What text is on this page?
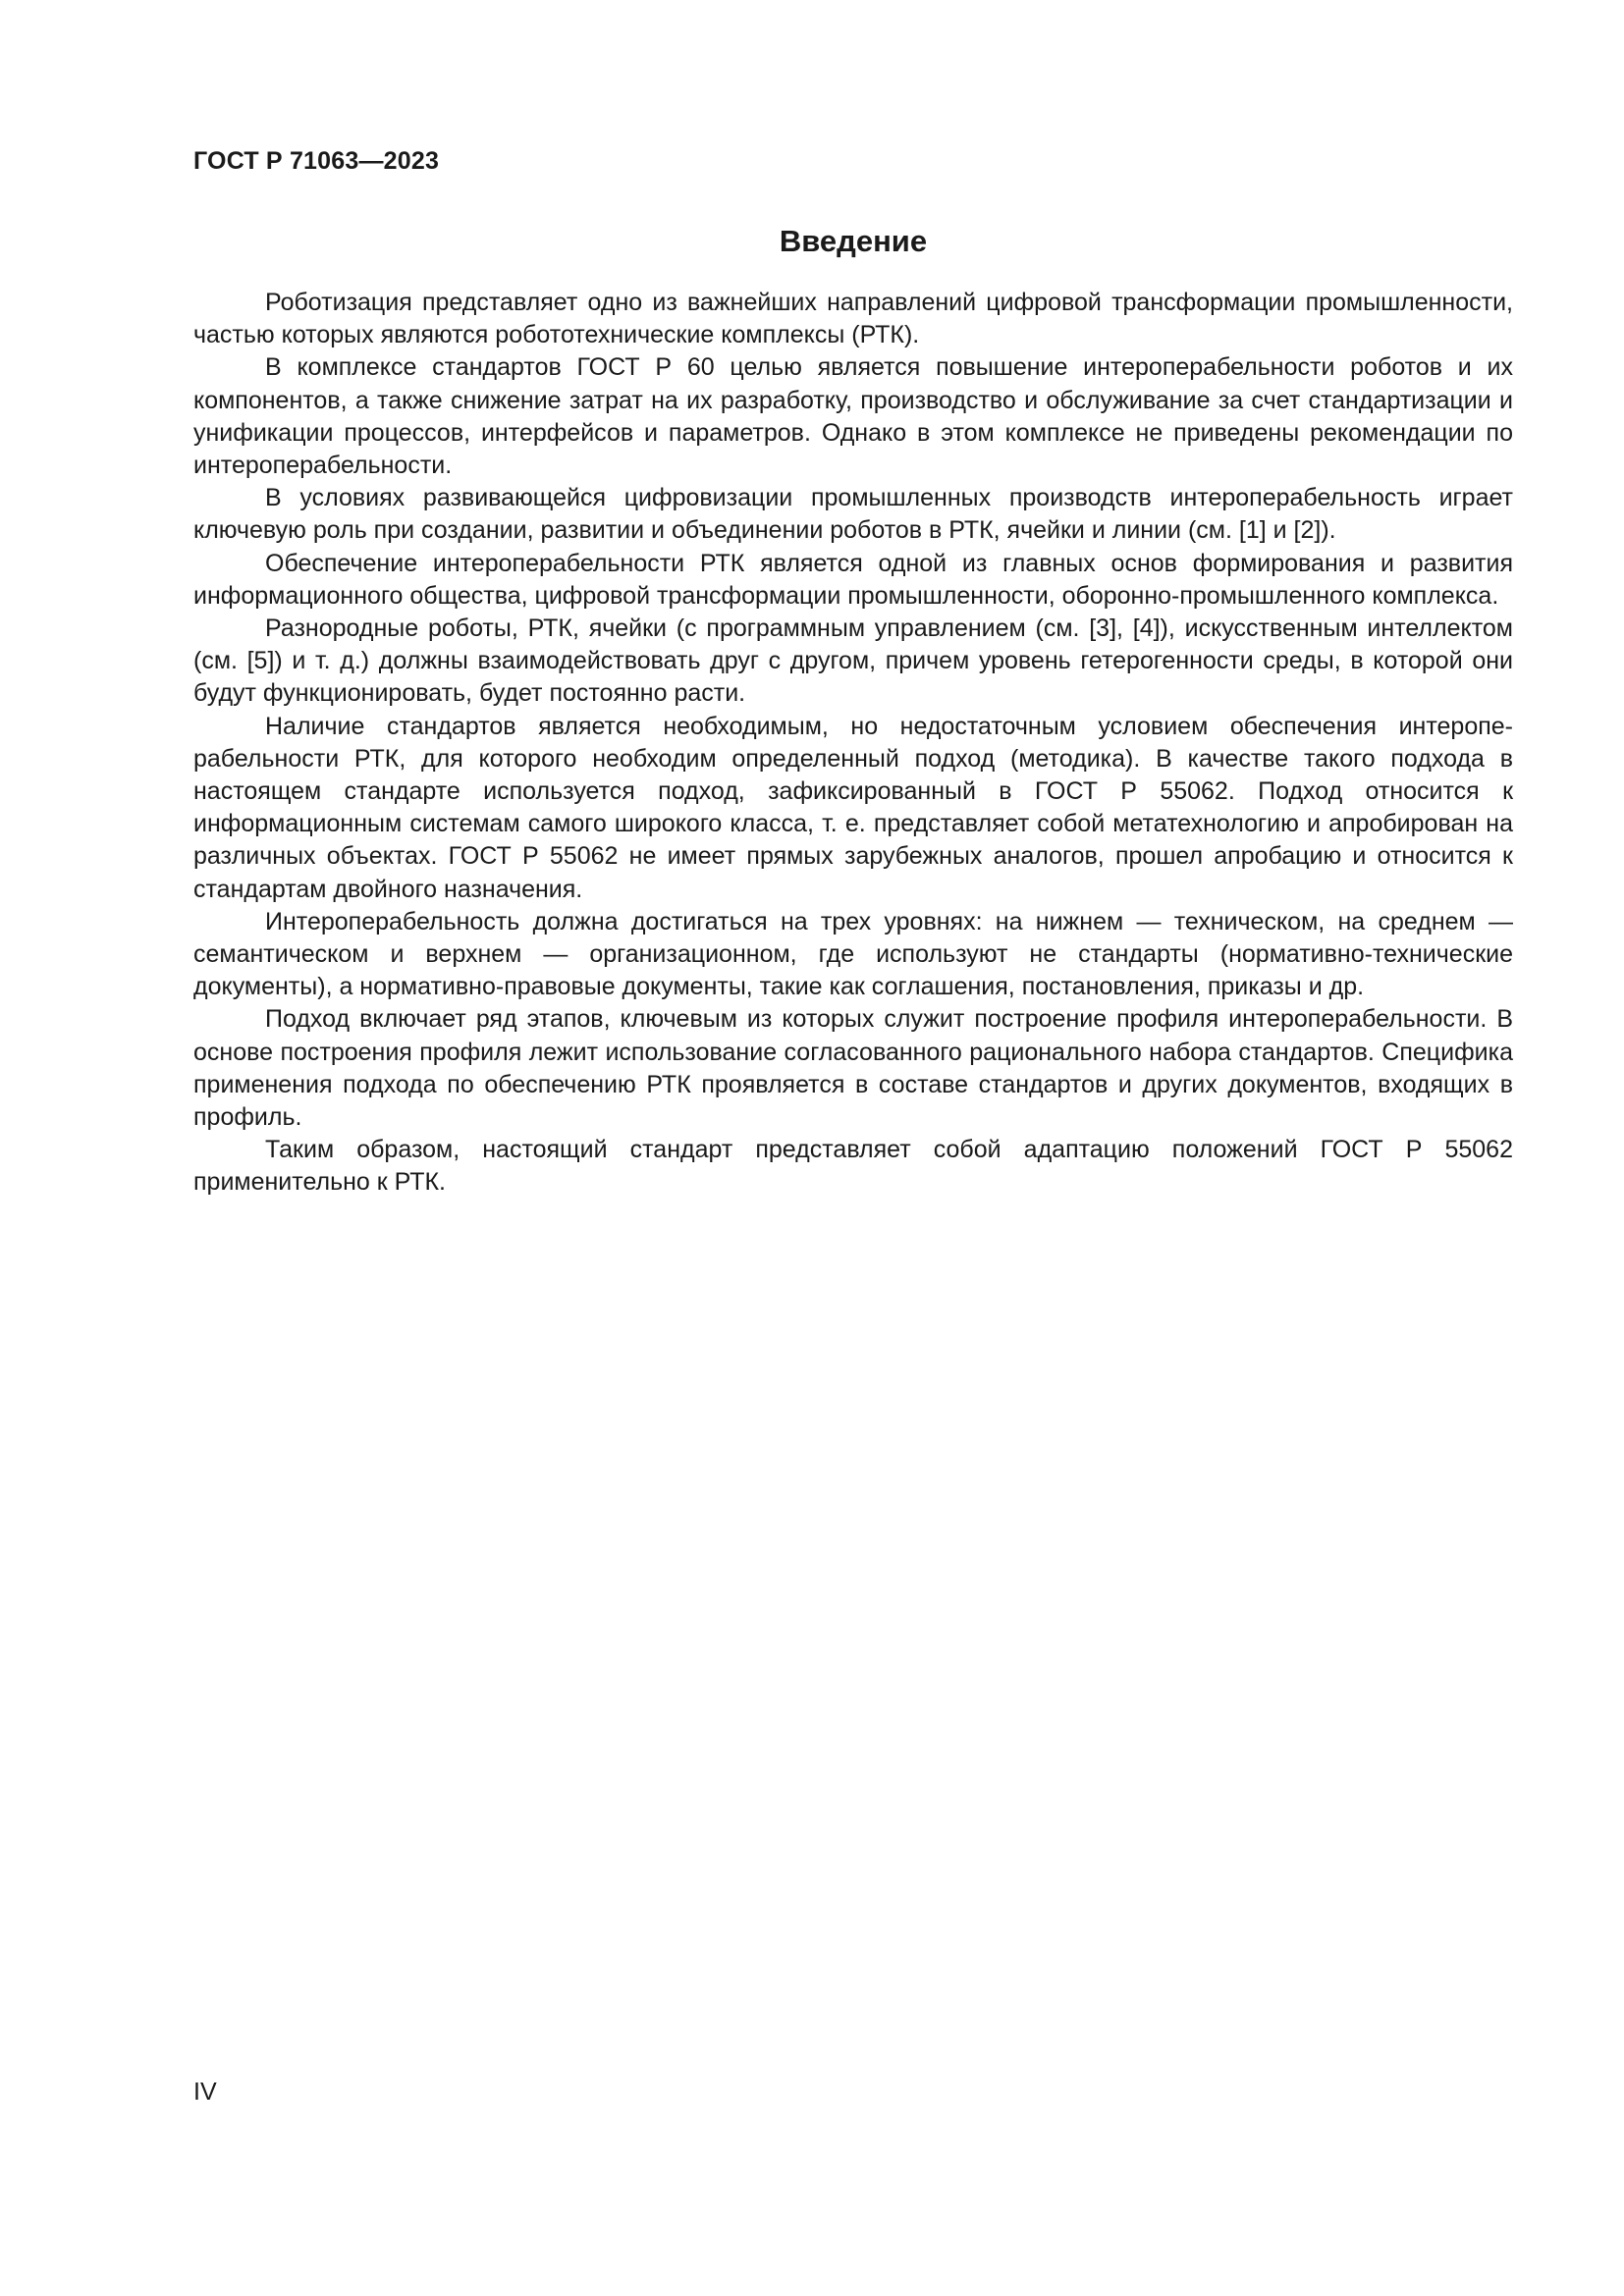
ГОСТ Р 71063—2023
Введение

Роботизация представляет одно из важнейших направлений цифровой трансформации промышленности, частью которых являются робототехнические комплексы (РТК).

В комплексе стандартов ГОСТ Р 60 целью является повышение интероперабельности роботов и их компонентов, а также снижение затрат на их разработку, производство и обслуживание за счет стандартизации и унификации процессов, интерфейсов и параметров. Однако в этом комплексе не приведены рекомендации по интероперабельности.

В условиях развивающейся цифровизации промышленных производств интероперабельность играет ключевую роль при создании, развитии и объединении роботов в РТК, ячейки и линии (см. [1] и [2]).

Обеспечение интероперабельности РТК является одной из главных основ формирования и развития информационного общества, цифровой трансформации промышленности, оборонно-промышленного комплекса.

Разнородные роботы, РТК, ячейки (с программным управлением (см. [3], [4]), искусственным интеллектом (см. [5]) и т. д.) должны взаимодействовать друг с другом, причем уровень гетерогенности среды, в которой они будут функционировать, будет постоянно расти.

Наличие стандартов является необходимым, но недостаточным условием обеспечения интероперабельности РТК, для которого необходим определенный подход (методика). В качестве такого подхода в настоящем стандарте используется подход, зафиксированный в ГОСТ Р 55062. Подход относится к информационным системам самого широкого класса, т. е. представляет собой метатехнологию и апробирован на различных объектах. ГОСТ Р 55062 не имеет прямых зарубежных аналогов, прошел апробацию и относится к стандартам двойного назначения.

Интероперабельность должна достигаться на трех уровнях: на нижнем — техническом, на среднем — семантическом и верхнем — организационном, где используют не стандарты (нормативно-технические документы), а нормативно-правовые документы, такие как соглашения, постановления, приказы и др.

Подход включает ряд этапов, ключевым из которых служит построение профиля интероперабельности. В основе построения профиля лежит использование согласованного рационального набора стандартов. Специфика применения подхода по обеспечению РТК проявляется в составе стандартов и других документов, входящих в профиль.

Таким образом, настоящий стандарт представляет собой адаптацию положений ГОСТ Р 55062 применительно к РТК.

IV
